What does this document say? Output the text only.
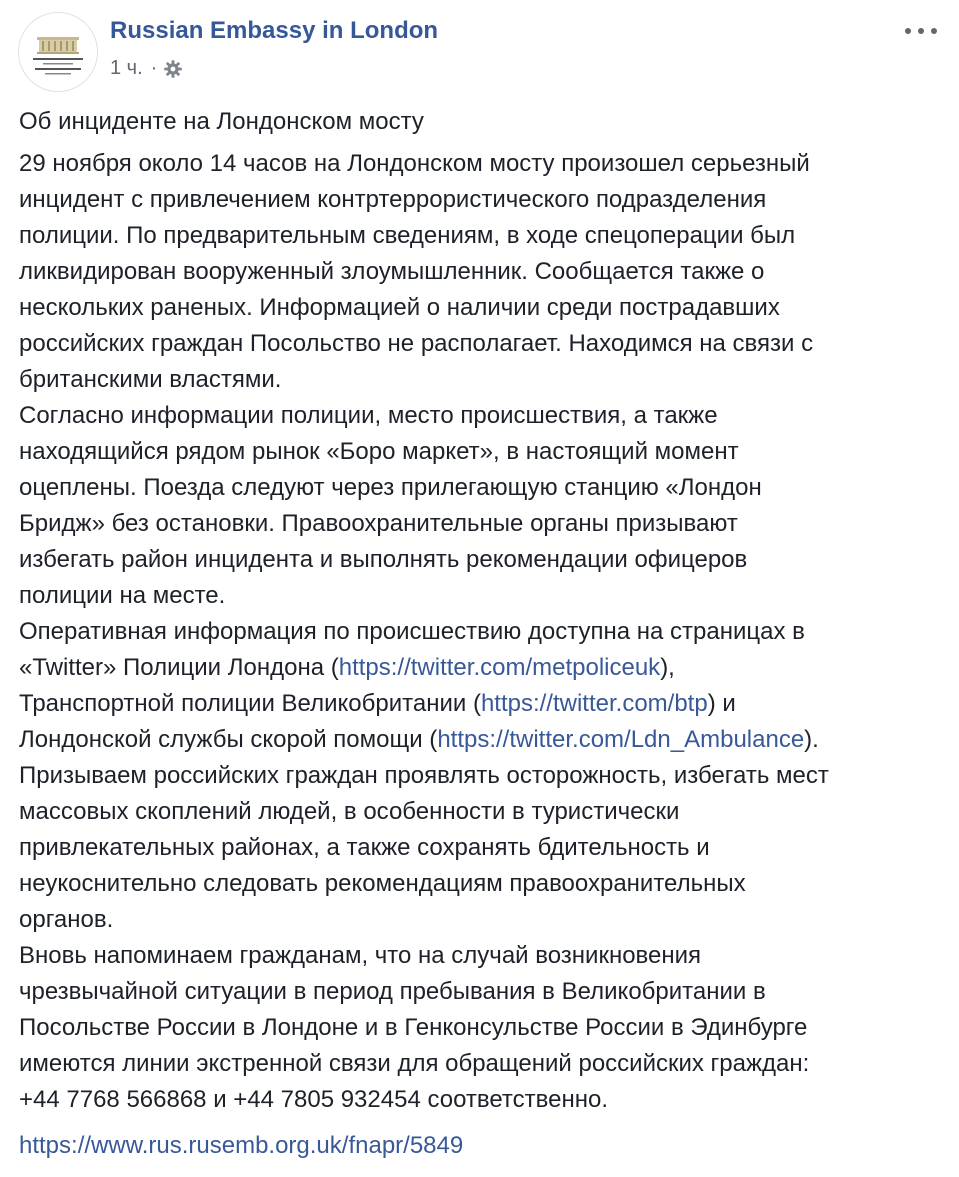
Russian Embassy in London
1 ч. ·
Об инциденте на Лондонском мосту
29 ноября около 14 часов на Лондонском мосту произошел серьезный
инцидент с привлечением контртеррористического подразделения
полиции. По предварительным сведениям, в ходе спецоперации был
ликвидирован вооруженный злоумышленник. Сообщается также о
нескольких раненых. Информацией о наличии среди пострадавших
российских граждан Посольство не располагает. Находимся на связи с
британскими властями.
Согласно информации полиции, место происшествия, а также
находящийся рядом рынок «Боро маркет», в настоящий момент
оцеплены. Поезда следуют через прилегающую станцию «Лондон
Бридж» без остановки. Правоохранительные органы призывают
избегать район инцидента и выполнять рекомендации офицеров
полиции на месте.
Оперативная информация по происшествию доступна на страницах в
«Twitter» Полиции Лондона (https://twitter.com/metpoliceuk),
Транспортной полиции Великобритании (https://twitter.com/btp) и
Лондонской службы скорой помощи (https://twitter.com/Ldn_Ambulance).
Призываем российских граждан проявлять осторожность, избегать мест
массовых скоплений людей, в особенности в туристически
привлекательных районах, а также сохранять бдительность и
неукоснительно следовать рекомендациям правоохранительных
органов.
Вновь напоминаем гражданам, что на случай возникновения
чрезвычайной ситуации в период пребывания в Великобритании в
Посольстве России в Лондоне и в Генконсульстве России в Эдинбурге
имеются линии экстренной связи для обращений российских граждан:
+44 7768 566868 и +44 7805 932454 соответственно.
https://www.rus.rusemb.org.uk/fnapr/5849
